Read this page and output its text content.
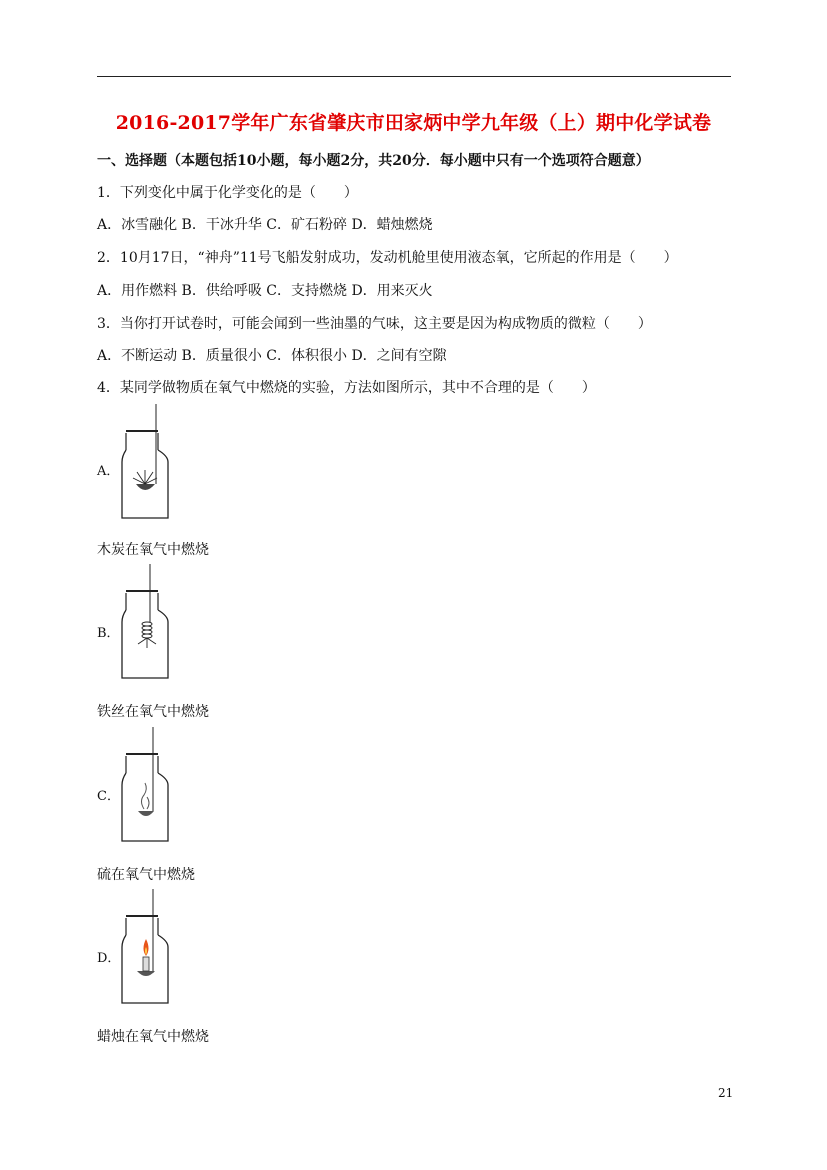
2016-2017学年广东省肇庆市田家炳中学九年级（上）期中化学试卷
一、选择题（本题包括10小题，每小题2分，共20分．每小题中只有一个选项符合题意）
1．下列变化中属于化学变化的是（　　）
A．冰雪融化 B．干冰升华 C．矿石粉碎 D．蜡烛燃烧
2．10月17日，“神舟”11号飞船发射成功，发动机舱里使用液态氧，它所起的作用是（　　）
A．用作燃料 B．供给呼吸 C．支持燃烧 D．用来灭火
3．当你打开试卷时，可能会闻到一些油墨的气味，这主要是因为构成物质的微粒（　　）
A．不断运动 B．质量很小 C．体积很小 D．之间有空隙
4．某同学做物质在氧气中燃烧的实验，方法如图所示，其中不合理的是（　　）
A．
木炭在氧气中燃烧
B．
铁丝在氧气中燃烧
C．
硫在氧气中燃烧
D．
蜡烛在氧气中燃烧
21
